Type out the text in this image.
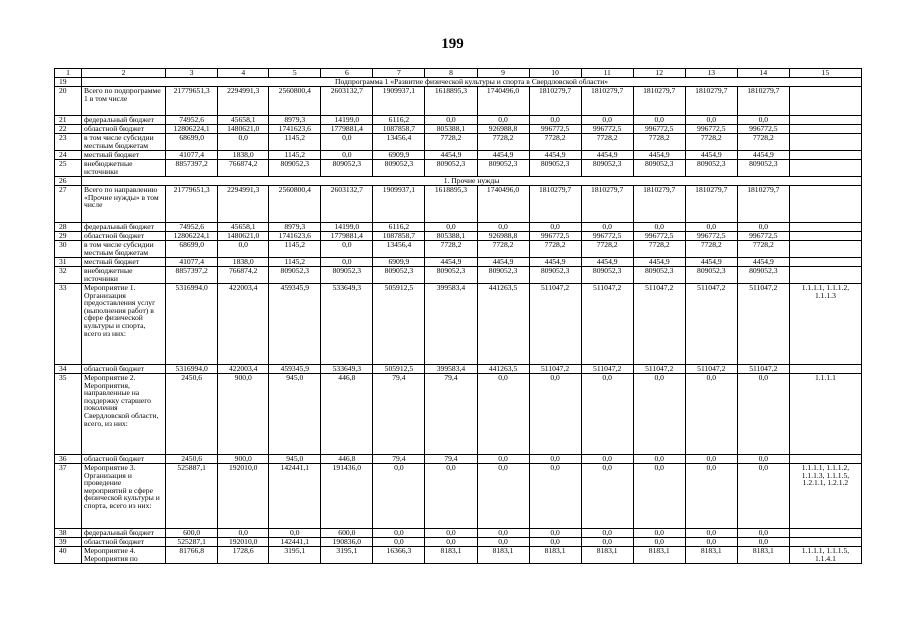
199
1	2	3	4	5	6	7	8	9	10	11	12	13	14	15
19	Подпрограмма 1 «Развитие физической культуры и спорта в Свердловской области»													
20	Всего по подпрограмме 1 в том числе	21779651,3	2294991,3	2560800,4	2603132,7	1909937,1	1618895,3	1740496,0	1810279,7	1810279,7	1810279,7	1810279,7	1810279,7	
21	федеральный бюджет	74952,6	45658,1	8979,3	14199,0	6116,2	0,0	0,0	0,0	0,0	0,0	0,0	0,0	
22	областной бюджет	12806224,1	1480621,0	1741623,6	1779881,4	1087858,7	805388,1	926988,8	996772,5	996772,5	996772,5	996772,5	996772,5	
23	в том числе субсидии местным бюджетам	68699,0	0,0	1145,2	0,0	13456,4	7728,2	7728,2	7728,2	7728,2	7728,2	7728,2	7728,2	
24	местный бюджет	41077,4	1838,0	1145,2	0,0	6909,9	4454,9	4454,9	4454,9	4454,9	4454,9	4454,9	4454,9	
25	внебюджетные источники	8857397,2	766874,2	809052,3	809052,3	809052,3	809052,3	809052,3	809052,3	809052,3	809052,3	809052,3	809052,3	
26	1. Прочие нужды													
27	Всего по направлению «Прочие нужды» в том числе	21779651,3	2294991,3	2560800,4	2603132,7	1909937,1	1618895,3	1740496,0	1810279,7	1810279,7	1810279,7	1810279,7	1810279,7	
28	федеральный бюджет	74952,6	45658,1	8979,3	14199,0	6116,2	0,0	0,0	0,0	0,0	0,0	0,0	0,0	
29	областной бюджет	12806224,1	1480621,0	1741623,6	1779881,4	1087858,7	805388,1	926988,8	996772,5	996772,5	996772,5	996772,5	996772,5	
30	в том числе субсидии местным бюджетам	68699,0	0,0	1145,2	0,0	13456,4	7728,2	7728,2	7728,2	7728,2	7728,2	7728,2	7728,2	
31	местный бюджет	41077,4	1838,0	1145,2	0,0	6909,9	4454,9	4454,9	4454,9	4454,9	4454,9	4454,9	4454,9	
32	внебюджетные источники	8857397,2	766874,2	809052,3	809052,3	809052,3	809052,3	809052,3	809052,3	809052,3	809052,3	809052,3	809052,3	
33	Мероприятие 1. Организация предоставления услуг (выполнения работ) в сфере физической культуры и спорта, всего из них:	5316994,0	422003,4	459345,9	533649,3	505912,5	399583,4	441263,5	511047,2	511047,2	511047,2	511047,2	511047,2	1.1.1.1, 1.1.1.2, 1.1.1.3
34	областной бюджет	5316994,0	422003,4	459345,9	533649,3	505912,5	399583,4	441263,5	511047,2	511047,2	511047,2	511047,2	511047,2	
35	Мероприятие 2. Мероприятия, направленные на поддержку старшего поколения Свердловской области, всего, из них:	2450,6	900,0	945,0	446,8	79,4	79,4	0,0	0,0	0,0	0,0	0,0	0,0	1.1.1.1
36	областной бюджет	2450,6	900,0	945,0	446,8	79,4	79,4	0,0	0,0	0,0	0,0	0,0	0,0	
37	Мероприятие 3. Организация и проведение мероприятий в сфере физической культуры и спорта, всего из них:	525887,1	192010,0	142441,1	191436,0	0,0	0,0	0,0	0,0	0,0	0,0	0,0	0,0	1.1.1.1, 1.1.1.2, 1.1.1.3, 1.1.1.5, 1.2.1.1, 1.2.1.2
38	федеральный бюджет	600,0	0,0	0,0	600,0	0,0	0,0	0,0	0,0	0,0	0,0	0,0	0,0	
39	областной бюджет	525287,1	192010,0	142441,1	190836,0	0,0	0,0	0,0	0,0	0,0	0,0	0,0	0,0	
40	Мероприятие 4. Мероприятия по	81766,8	1728,6	3195,1	3195,1	16366,3	8183,1	8183,1	8183,1	8183,1	8183,1	8183,1	8183,1	1.1.1.1, 1.1.1.5, 1.1.4.1
